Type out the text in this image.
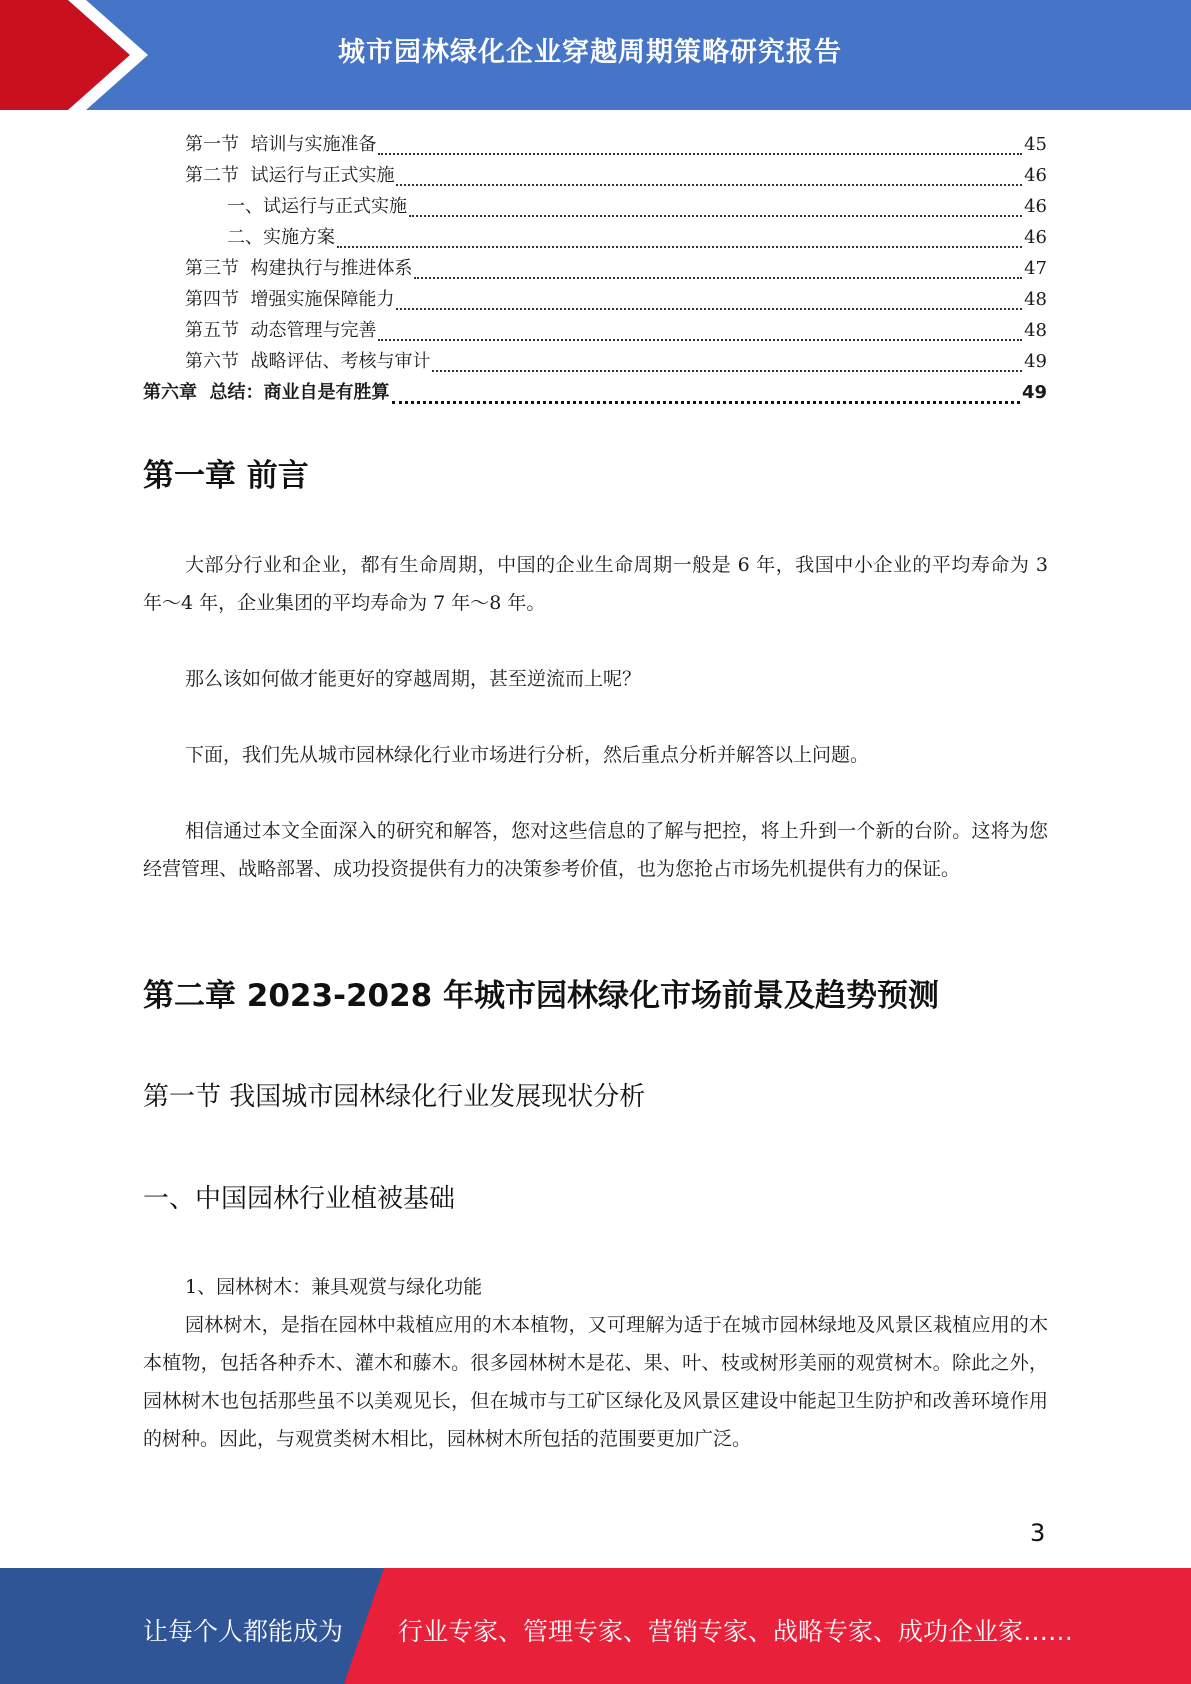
城市园林绿化企业穿越周期策略研究报告
第一节  培训与实施准备	45
第二节  试运行与正式实施	46
一、试运行与正式实施	46
二、实施方案	46
第三节  构建执行与推进体系	47
第四节  增强实施保障能力	48
第五节  动态管理与完善	48
第六节  战略评估、考核与审计	49
第六章  总结：商业自是有胜算	49
第一章 前言
大部分行业和企业，都有生命周期，中国的企业生命周期一般是 6 年，我国中小企业的平均寿命为 3 年～4 年，企业集团的平均寿命为 7 年～8 年。
那么该如何做才能更好的穿越周期，甚至逆流而上呢？
下面，我们先从城市园林绿化行业市场进行分析，然后重点分析并解答以上问题。
相信通过本文全面深入的研究和解答，您对这些信息的了解与把控，将上升到一个新的台阶。这将为您经营管理、战略部署、成功投资提供有力的决策参考价值，也为您抢占市场先机提供有力的保证。
第二章 2023-2028 年城市园林绿化市场前景及趋势预测
第一节 我国城市园林绿化行业发展现状分析
一、中国园林行业植被基础
1、园林树木：兼具观赏与绿化功能
园林树木，是指在园林中栽植应用的木本植物，又可理解为适于在城市园林绿地及风景区栽植应用的木本植物，包括各种乔木、灌木和藤木。很多园林树木是花、果、叶、枝或树形美丽的观赏树木。除此之外，园林树木也包括那些虽不以美观见长，但在城市与工矿区绿化及风景区建设中能起卫生防护和改善环境作用的树种。因此，与观赏类树木相比，园林树木所包括的范围要更加广泛。
3
让每个人都能成为 行业专家、管理专家、营销专家、战略专家、成功企业家……
